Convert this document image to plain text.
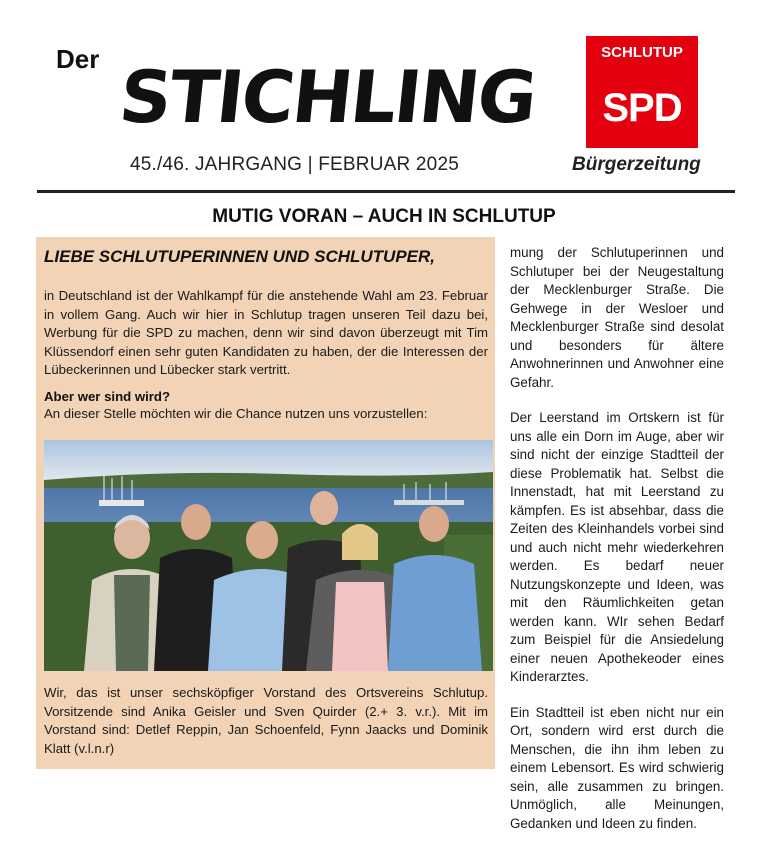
Der STICHLING
45./46. JAHRGANG | FEBRUAR 2025
SCHLUTUP
SPD
Bürgerzeitung
MUTIG VORAN – AUCH IN SCHLUTUP
LIEBE SCHLUTUPERINNEN UND SCHLUTUPER,

in Deutschland ist der Wahlkampf für die anstehende Wahl am 23. Februar in vollem Gang. Auch wir hier in Schlutup tragen unseren Teil dazu bei, Werbung für die SPD zu machen, denn wir sind davon überzeugt mit Tim Klüssendorf einen sehr guten Kandidaten zu haben, der die Interessen der Lübeckerinnen und Lübecker stark vertritt.

Aber wer sind wird?
An dieser Stelle möchten wir die Chance nutzen uns vorzustellen:

Wir, das ist unser sechsköpfiger Vorstand des Ortsvereins Schlutup. Vorsitzende sind Anika Geisler und Sven Quirder (2.+ 3. v.r.). Mit im Vorstand sind: Detlef Reppin, Jan Schoenfeld, Fynn Jaacks und Dominik Klatt (v.l.n.r)

mung der Schlutuperinnen und Schlutuper bei der Neugestaltung der Mecklenburger Straße. Die Gehwege in der Wesloer und Mecklenburger Straße sind desolat und besonders für ältere Anwohnerinnen und Anwohner eine Gefahr.

Der Leerstand im Ortskern ist für uns alle ein Dorn im Auge, aber wir sind nicht der einzige Stadtteil der diese Problematik hat. Selbst die Innenstadt, hat mit Leerstand zu kämpfen. Es ist absehbar, dass die Zeiten des Kleinhandels vorbei sind und auch nicht mehr wiederkehren werden. Es bedarf neuer Nutzungskonzepte und Ideen, was mit den Räumlichkeiten getan werden kann. WIr sehen Bedarf zum Beispiel für die Ansiedelung einer neuen Apothekeoder eines Kinderarztes.

Ein Stadtteil ist eben nicht nur ein Ort, sondern wird erst durch die Menschen, die ihn ihm leben zu einem Lebensort. Es wird schwierig sein, alle zusammen zu bringen. Unmöglich, alle Meinungen, Gedanken und Ideen zu finden.
